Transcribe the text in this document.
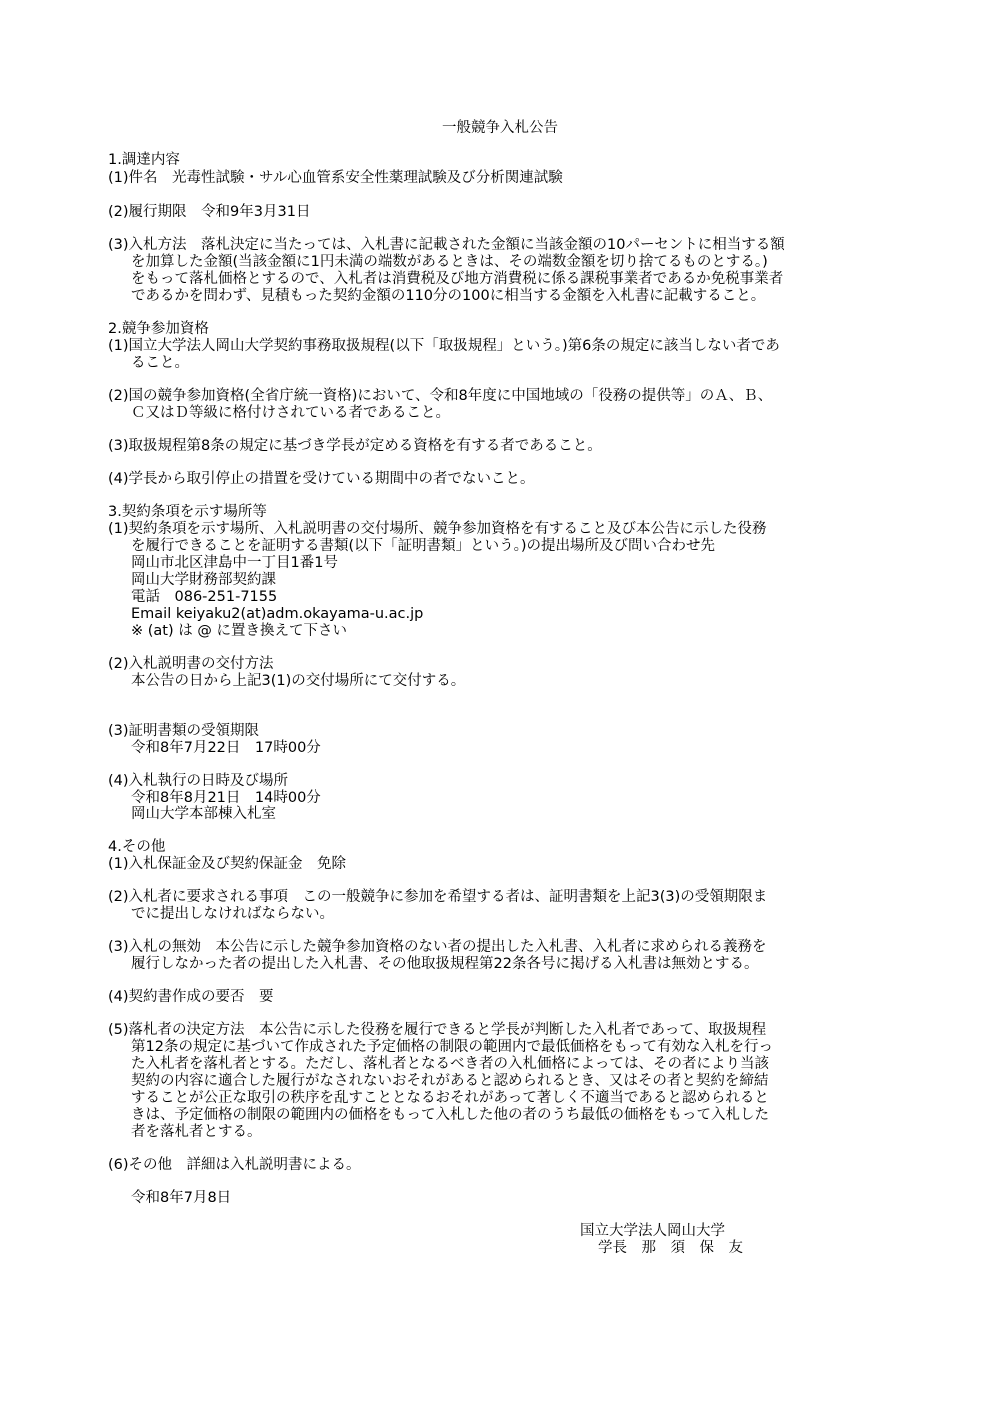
一般競争入札公告
1.調達内容
(1)件名　光毒性試験・サル心血管系安全性薬理試験及び分析関連試験
(2)履行期限　令和9年3月31日
(3)入札方法　落札決定に当たっては、入札書に記載された金額に当該金額の10パーセントに相当する額
を加算した金額(当該金額に1円未満の端数があるときは、その端数金額を切り捨てるものとする。)
をもって落札価格とするので、入札者は消費税及び地方消費税に係る課税事業者であるか免税事業者
であるかを問わず、見積もった契約金額の110分の100に相当する金額を入札書に記載すること。
2.競争参加資格
(1)国立大学法人岡山大学契約事務取扱規程(以下「取扱規程」という。)第6条の規定に該当しない者であ
ること。
(2)国の競争参加資格(全省庁統一資格)において、令和8年度に中国地域の「役務の提供等」のＡ、Ｂ、
Ｃ又はＤ等級に格付けされている者であること。
(3)取扱規程第8条の規定に基づき学長が定める資格を有する者であること。
(4)学長から取引停止の措置を受けている期間中の者でないこと。
3.契約条項を示す場所等
(1)契約条項を示す場所、入札説明書の交付場所、競争参加資格を有すること及び本公告に示した役務
を履行できることを証明する書類(以下「証明書類」という。)の提出場所及び問い合わせ先
岡山市北区津島中一丁目1番1号
岡山大学財務部契約課
電話　086-251-7155
Email keiyaku2(at)adm.okayama-u.ac.jp
※ (at) は @ に置き換えて下さい
(2)入札説明書の交付方法
本公告の日から上記3(1)の交付場所にて交付する。
(3)証明書類の受領期限
令和8年7月22日　17時00分
(4)入札執行の日時及び場所
令和8年8月21日　14時00分
岡山大学本部棟入札室
4.その他
(1)入札保証金及び契約保証金　免除
(2)入札者に要求される事項　この一般競争に参加を希望する者は、証明書類を上記3(3)の受領期限ま
でに提出しなければならない。
(3)入札の無効　本公告に示した競争参加資格のない者の提出した入札書、入札者に求められる義務を
履行しなかった者の提出した入札書、その他取扱規程第22条各号に掲げる入札書は無効とする。
(4)契約書作成の要否　要
(5)落札者の決定方法　本公告に示した役務を履行できると学長が判断した入札者であって、取扱規程
第12条の規定に基づいて作成された予定価格の制限の範囲内で最低価格をもって有効な入札を行っ
た入札者を落札者とする。ただし、落札者となるべき者の入札価格によっては、その者により当該
契約の内容に適合した履行がなされないおそれがあると認められるとき、又はその者と契約を締結
することが公正な取引の秩序を乱すこととなるおそれがあって著しく不適当であると認められると
きは、予定価格の制限の範囲内の価格をもって入札した他の者のうち最低の価格をもって入札した
者を落札者とする。
(6)その他　詳細は入札説明書による。
令和8年7月8日
国立大学法人岡山大学
学長　那　須　保　友
